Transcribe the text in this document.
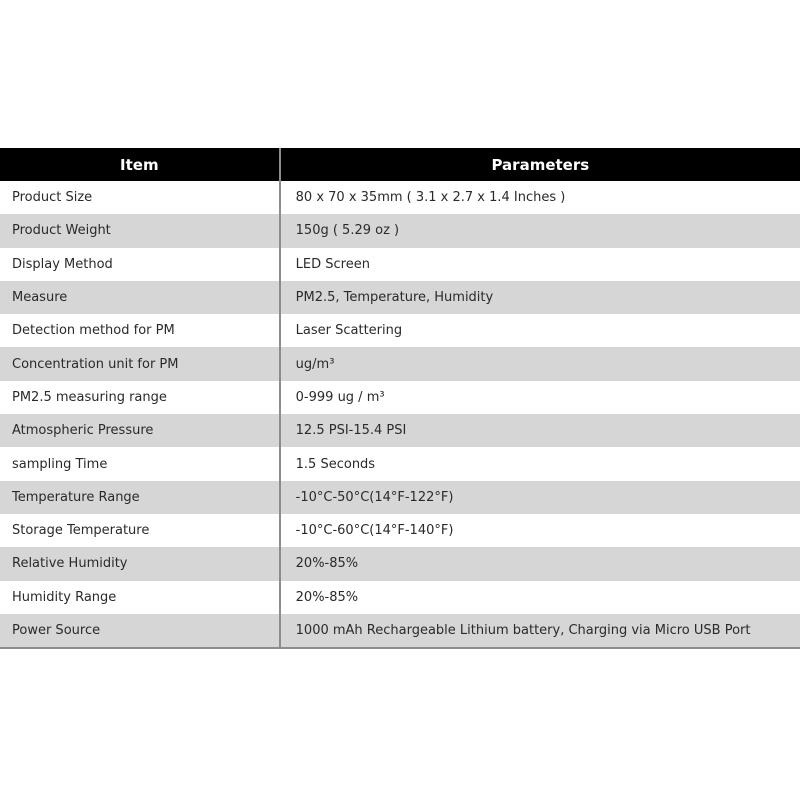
Item	Parameters
Product Size	80 x 70 x 35mm ( 3.1 x 2.7 x 1.4 Inches )
Product Weight	150g ( 5.29 oz )
Display Method	LED Screen
Measure	PM2.5, Temperature, Humidity
Detection method for PM	Laser Scattering
Concentration unit for PM	ug/m³
PM2.5 measuring range	0-999 ug / m³
Atmospheric Pressure	12.5 PSI-15.4 PSI
sampling Time	1.5 Seconds
Temperature Range	-10°C-50°C(14°F-122°F)
Storage Temperature	-10°C-60°C(14°F-140°F)
Relative Humidity	20%-85%
Humidity Range	20%-85%
Power Source	1000 mAh Rechargeable Lithium battery, Charging via Micro USB Port
